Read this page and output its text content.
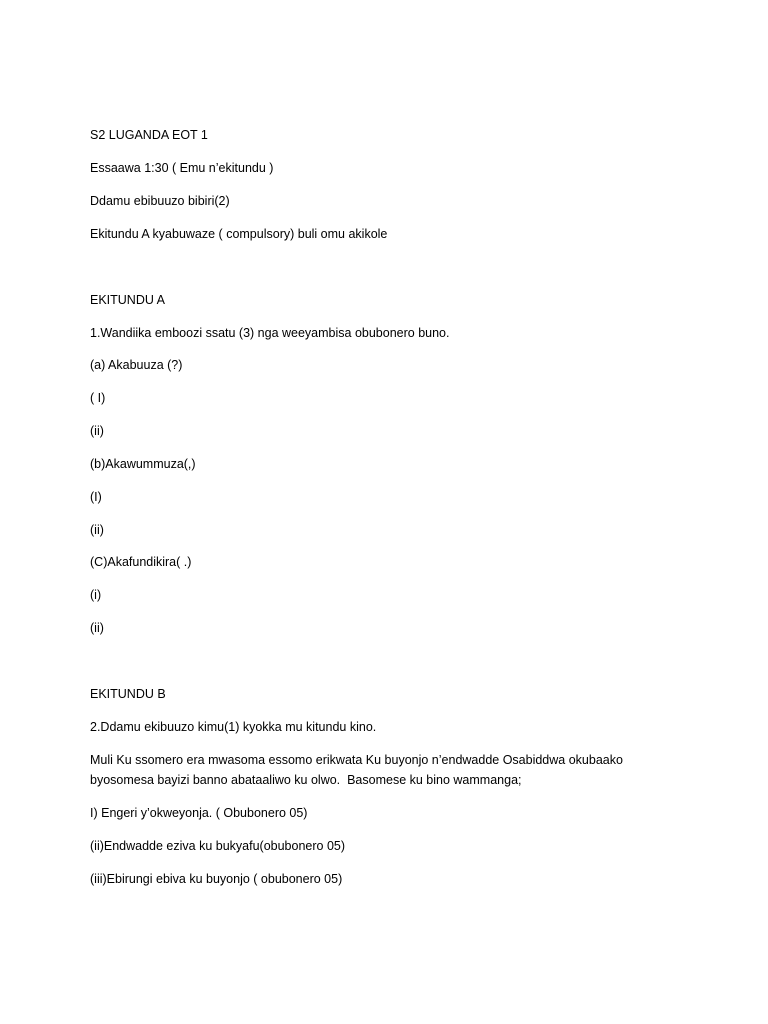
S2 LUGANDA EOT 1
Essaawa 1:30 ( Emu n’ekitundu )
Ddamu ebibuuzo bibiri(2)
Ekitundu A kyabuwaze ( compulsory) buli omu akikole
EKITUNDU A
1.Wandiika emboozi ssatu (3) nga weeyambisa obubonero buno.
(a) Akabuuza (?)
( I)
(ii)
(b)Akawummuza(,)
(I)
(ii)
(C)Akafundikira( .)
(i)
(ii)
EKITUNDU B
2.Ddamu ekibuuzo kimu(1) kyokka mu kitundu kino.
Muli Ku ssomero era mwasoma essomo erikwata Ku buyonjo n’endwadde Osabiddwa okubaako byosomesa bayizi banno abataaliwo ku olwo.  Basomese ku bino wammanga;
I) Engeri y’okweyonja. ( Obubonero 05)
(ii)Endwadde eziva ku bukyafu(obubonero 05)
(iii)Ebirungi ebiva ku buyonjo ( obubonero 05)
